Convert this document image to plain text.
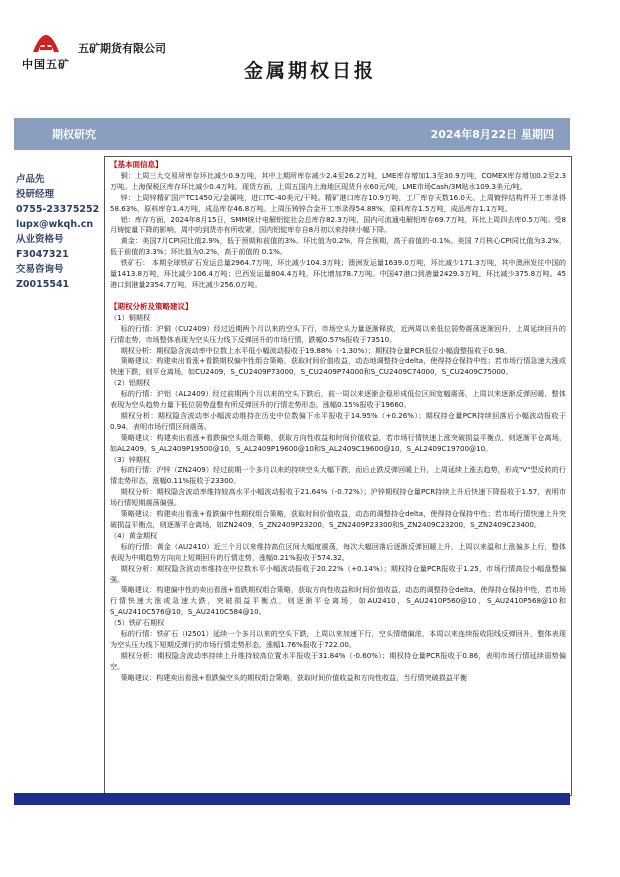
中国五矿
五矿期货有限公司
金属期权日报
期权研究	2024年8月22日 星期四
卢品先
投研经理
0755-23375252
lupx@wkqh.cn
从业资格号
F3047321
交易咨询号
Z0015541

【基本面信息】

铜：上周三大交易所库存环比减少0.9万吨，其中上期所库存减少2.4至26.2万吨，LME库存增加1.3至30.9万吨，COMEX库存增加0.2至2.3万吨。上海保税区库存环比减少0.4万吨。现货方面，上周五国内上海地区现货升水60元/吨，LME市场Cash/3M贴水109.3美元/吨。

锌：上周锌精矿国产TC1450元/金属吨，进口TC-40美元/干吨。精矿港口库存10.9万吨，工厂库存天数16.0天。上周镀锌结构件开工率录得58.63%，原料库存1.4万吨，成品库存46.8万吨。上周压铸锌合金开工率录得54.88%，原料库存1.5万吨，成品库存1.1万吨。

铝：库存方面，2024年8月15日，SMM统计电解铝锭社会总库存82.3万吨，国内可流通电解铝库存69.7万吨，环比上周四去库0.5万吨。受8月铸锭量下降的影响，周中的到货亦有所收紧，国内铝锭库存自8月初以来持续小幅下降。

黄金：美国7月CPI同比值2.9%，低于预期和前值的3%。环比值为0.2%，符合预期，高于前值的-0.1%。美国 7月核心CPI同比值为3.2%，低于前值的3.3%；环比值为0.2%，高于前值的 0.1%。

铁矿石： 本期全球铁矿石发运总量2964.7万吨，环比减少104.3万吨；澳洲发运量1639.0万吨，环比减少171.3万吨，其中澳洲发往中国的量1413.8万吨，环比减少106.4万吨；巴西发运量804.4万吨，环比增加78.7万吨。中国47港口到港量2429.3万吨，环比减少375.8万吨。45港口到港量2354.7万吨，环比减少256.0万吨。

【期权分析及策略建议】

（1）铜期权

标的行情：沪铜（CU2409）经过近期两个月以来的空头下行，市场空头力量逐渐释放，近两周以来低位弱势震荡逐渐回升，上周延续回升的行情走势，市场整体表现为空头压力线下反弹回升的市场行情，跌幅0.57%报收于73510。

期权分析：期权隐含波动率中位数上水平低小幅波动报收于19.88%（-1.30%）；期权持仓量PCR低位小幅盘整报收于0.98。

策略建议：构建卖出看涨+看跌期权偏中性组合策略，获取时间价值收益，动态地调整持仓delta，使得持仓保持中性；若市场行情急速大涨或快速下跌，则平仓离场，如CU2409，S_CU2409P73000，S_CU2409P74000和S_CU2409C74000，S_CU2409C75000。

（2）铝期权

标的行情：沪铝（AL2409）经过前期两个月以来的空头下跌后，前一周以来逐渐企稳形成低位区间宽幅震荡，上周以来逐渐反弹回暖，整体表现为空头趋势力量下低位弱势盘整有所反弹回升的行情走势形态，涨幅0.15%报收于19660。

期权分析：期权隐含波动率小幅波动维持在历史中位数偏下水平报收于14.95%（+0.26%）；期权持仓量PCR持续回落后小幅波动报收于0.94，表明市场行情区间震荡。

策略建议：构建卖出看涨+看跌偏空头组合策略，获取方向性收益和时间价值收益，若市场行情快速上涨突破损益平衡点，则逐渐平仓离场，如AL2409，S_AL2409P19500@10，S_AL2409P19600@10和S_AL2409C19600@10，S_AL2409C19700@10。

（3）锌期权

标的行情：沪锌（ZN2409）经过前期一个多月以来的持续空头大幅下跌，而后止跌反弹回暖上升，上周延续上涨去趋势，形成"V"型反转的行情走势形态，涨幅0.11%报收于23300。

期权分析：期权隐含波动率维持较高水平小幅波动报收于21.64%（-0.72%）；沪锌期权持仓量PCR持续上升后快速下降报收于1.57，表明市场行情短期震荡偏强。

策略建议：构建卖出看涨+看跌偏中性期权组合策略，获取时间价值收益，动态的调整持仓delta，使得持仓保持中性；若市场行情快速上升突破损益平衡点，则逐渐平仓离场，如ZN2409，S_ZN2409P23200，S_ZN2409P23300和S_ZN2409C23200，S_ZN2409C23400。

（4）黄金期权

标的行情：黄金（AU2410）近三个月以来维持高位区间大幅度震荡，每次大幅回落后逐渐反弹回暖上升，上周以来温和上涨偏多上行，整体表现为中期趋势方向向上短期回升的行情走势，涨幅0.21%报收于574.32。

期权分析：期权隐含波动率维持在中位数水平小幅波动报收于20.22%（+0.14%）；期权持仓量PCR报收于1.25，市场行情高位小幅盘整偏强。

策略建议：构建偏中性的卖出看涨+看跌期权组合策略，获取方向性收益和时间价值收益，动态的调整持仓delta，使得持仓保持中性，若市场行情快速大涨或急速大跌，突破损益平衡点，则逐渐平仓离场，如AU2410，S_AU2410P560@10，S_AU2410P568@10和S_AU2410C576@10，S_AU2410C584@10。

（5）铁矿石期权

标的行情：铁矿石（I2501）延续一个多月以来的空头下跌，上周以来加速下行，空头情绪偏浓，本周以来连续报收阳线反弹回升，整体表现为空头压力线下短期反弹行的市场行情走势形态，涨幅1.76%报收于722.00。

期权分析：期权隐含波动率持续上升维持较高位置水平报收于31.84%（-0.60%）；期权持仓量PCR报收于0.86，表明市场行情延续弱势偏空。

策略建议：构建卖出看涨+看跌偏空头的期权组合策略，获取时间价值收益和方向性收益，当行情突破损益平衡
